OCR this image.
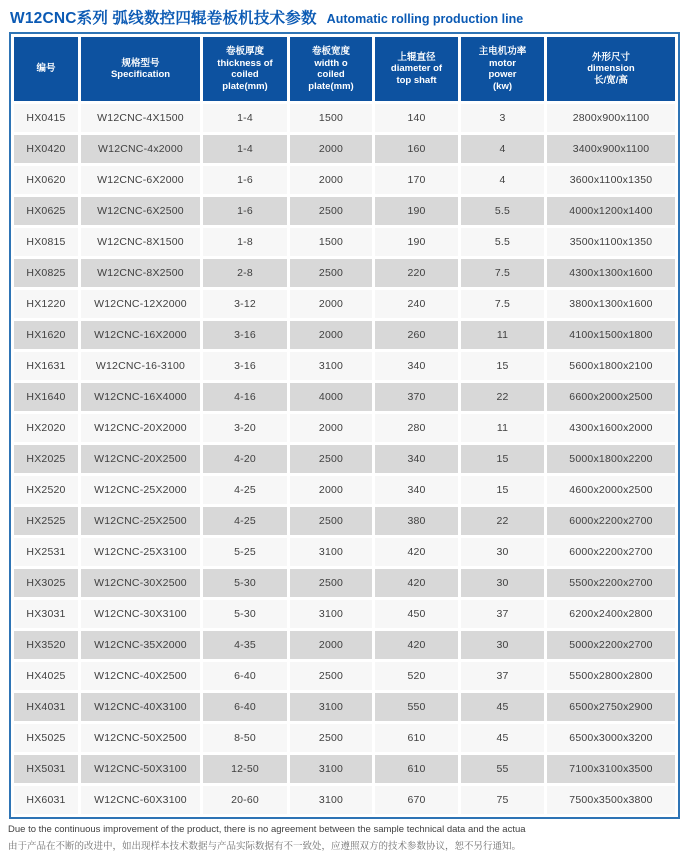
W12CNC系列 弧线数控四辊卷板机技术参数 Automatic rolling production line
编号

规格型号
Specification

卷板厚度
thickness of
coiled
plate(mm)

卷板宽度
width o
coiled
plate(mm)

上辊直径
diameter of
top shaft

主电机功率
motor
power
(kw)

外形尺寸
dimension
长/宽/高

HX0415	W12CNC-4X1500	1-4	1500	140	3	2800x900x1100
HX0420	W12CNC-4x2000	1-4	2000	160	4	3400x900x1100
HX0620	W12CNC-6X2000	1-6	2000	170	4	3600x1100x1350
HX0625	W12CNC-6X2500	1-6	2500	190	5.5	4000x1200x1400
HX0815	W12CNC-8X1500	1-8	1500	190	5.5	3500x1100x1350
HX0825	W12CNC-8X2500	2-8	2500	220	7.5	4300x1300x1600
HX1220	W12CNC-12X2000	3-12	2000	240	7.5	3800x1300x1600
HX1620	W12CNC-16X2000	3-16	2000	260	11	4100x1500x1800
HX1631	W12CNC-16-3100	3-16	3100	340	15	5600x1800x2100
HX1640	W12CNC-16X4000	4-16	4000	370	22	6600x2000x2500
HX2020	W12CNC-20X2000	3-20	2000	280	11	4300x1600x2000
HX2025	W12CNC-20X2500	4-20	2500	340	15	5000x1800x2200
HX2520	W12CNC-25X2000	4-25	2000	340	15	4600x2000x2500
HX2525	W12CNC-25X2500	4-25	2500	380	22	6000x2200x2700
HX2531	W12CNC-25X3100	5-25	3100	420	30	6000x2200x2700
HX3025	W12CNC-30X2500	5-30	2500	420	30	5500x2200x2700
HX3031	W12CNC-30X3100	5-30	3100	450	37	6200x2400x2800
HX3520	W12CNC-35X2000	4-35	2000	420	30	5000x2200x2700
HX4025	W12CNC-40X2500	6-40	2500	520	37	5500x2800x2800
HX4031	W12CNC-40X3100	6-40	3100	550	45	6500x2750x2900
HX5025	W12CNC-50X2500	8-50	2500	610	45	6500x3000x3200
HX5031	W12CNC-50X3100	12-50	3100	610	55	7100x3100x3500
HX6031	W12CNC-60X3100	20-60	3100	670	75	7500x3500x3800
Due to the continuous improvement of the product, there is no agreement between the sample technical data and the actua
由于产品在不断的改进中，如出现样本技术数据与产品实际数据有不一致处，应遵照双方的技术参数协议，恕不另行通知。
